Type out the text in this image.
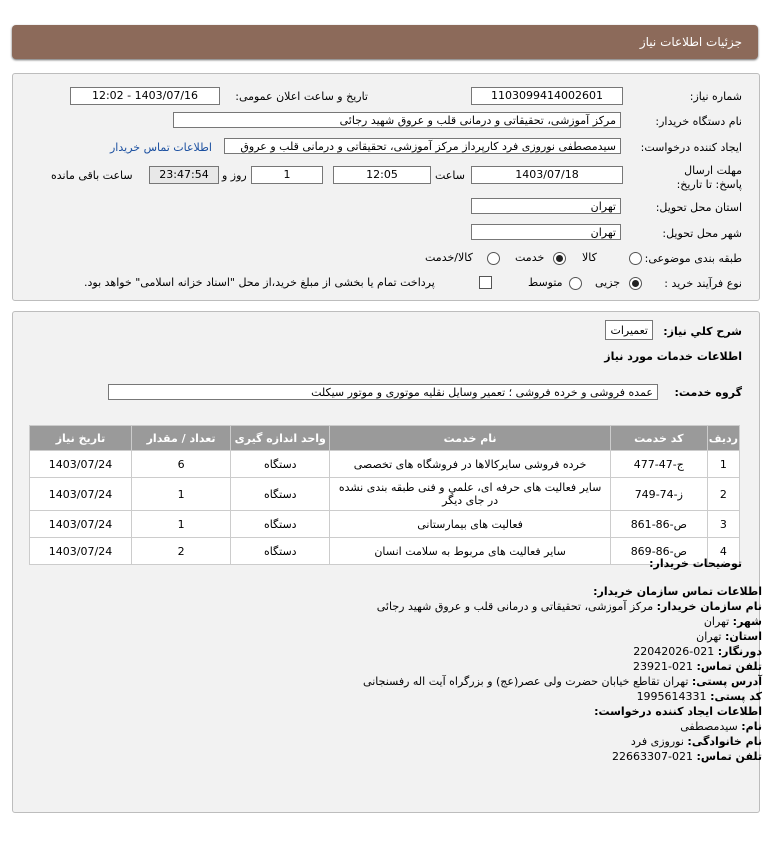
جزئیات اطلاعات نیاز
شماره نیاز:
1103099414002601
تاریخ و ساعت اعلان عمومی:
1403/07/16 - 12:02
نام دستگاه خریدار:
مرکز آموزشی، تحقیقاتی و درمانی قلب و عروق شهید رجائی
ایجاد کننده درخواست:
سیدمصطفی نوروزی فرد کارپرداز مرکز آموزشی، تحقیقاتی و درمانی قلب و عروق
اطلاعات تماس خریدار
مهلت ارسال پاسخ: تا تاریخ:
1403/07/18
ساعت
12:05
1
روز و
23:47:54
ساعت باقی مانده
استان محل تحویل:
تهران
شهر محل تحویل:
تهران
طبقه بندی موضوعی:
کالا
خدمت
کالا/خدمت
نوع فرآیند خرید :
جزیی
متوسط
پرداخت تمام یا بخشی از مبلغ خرید،از محل "اسناد خزانه اسلامی" خواهد بود.
شرح کلي نياز:
تعمیرات
اطلاعات خدمات مورد نیاز
گروه خدمت:
عمده فروشی و خرده فروشی ؛ تعمیر وسایل نقلیه موتوری و موتور سیکلت
ردیف	کد خدمت	نام خدمت	واحد اندازه گیری	تعداد / مقدار	تاریخ نیاز
1	ج-47-477	خرده فروشی سایرکالاها در فروشگاه های تخصصی	دستگاه	6	1403/07/24
2	ز-74-749	سایر فعالیت های حرفه ای، علمي و فنی طبقه بندی نشده در جای دیگر	دستگاه	1	1403/07/24
3	ص-86-861	فعالیت های بیمارستانی	دستگاه	1	1403/07/24
4	ص-86-869	سایر فعالیت های مربوط به سلامت انسان	دستگاه	2	1403/07/24
توضیحات خریدار:
اطلاعات تماس سازمان خریدار:
نام سازمان خریدار: مرکز آموزشی، تحقیقاتی و درمانی قلب و عروق شهید رجائی
شهر: تهران
استان: تهران
دورنگار: 021-22042026
تلفن تماس: 021-23921
آدرس پستی: تهران تقاطع خیابان حضرت ولی عصر(عج) و بزرگراه آیت اله رفسنجانی
کد پستی: 1995614331
اطلاعات ایجاد کننده درخواست:
نام: سیدمصطفی
نام خانوادگی: نوروزی فرد
تلفن تماس: 021-22663307
